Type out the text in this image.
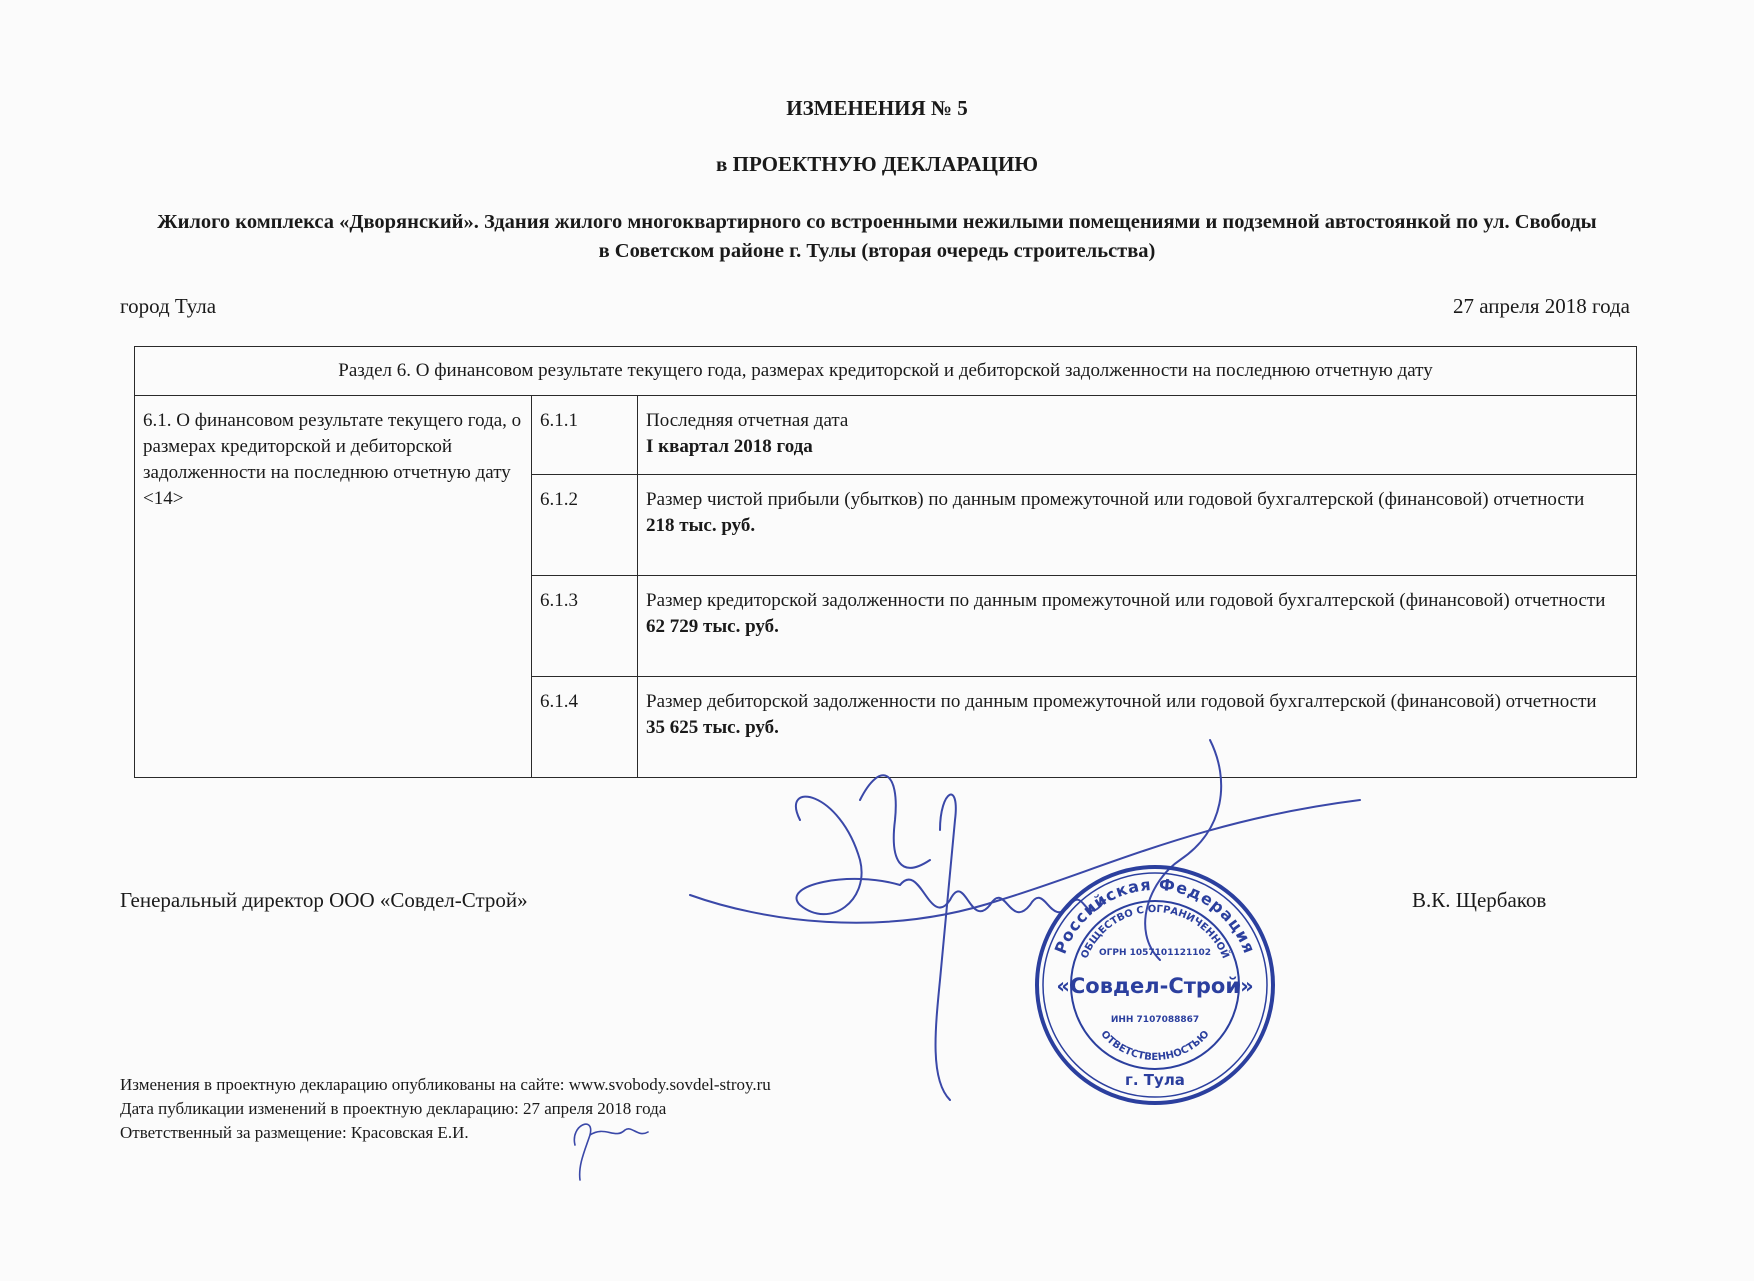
ИЗМЕНЕНИЯ № 5
в ПРОЕКТНУЮ ДЕКЛАРАЦИЮ
Жилого комплекса «Дворянский». Здания жилого многоквартирного со встроенными нежилыми помещениями и подземной автостоянкой по ул. Свободы в Советском районе г. Тулы (вторая очередь строительства)
город Тула	27 апреля 2018 года
Раздел 6. О финансовом результате текущего года, размерах кредиторской и дебиторской задолженности на последнюю отчетную дату		
6.1. О финансовом результате текущего года, о размерах кредиторской и дебиторской задолженности на последнюю отчетную дату <14>	6.1.1	Последняя отчетная дата
I квартал 2018 года

	6.1.2	Размер чистой прибыли (убытков) по данным промежуточной или годовой бухгалтерской (финансовой) отчетности
218 тыс. руб.

	6.1.3	Размер кредиторской задолженности по данным промежуточной или годовой бухгалтерской (финансовой) отчетности
62 729 тыс. руб.

	6.1.4	Размер дебиторской задолженности по данным промежуточной или годовой бухгалтерской (финансовой) отчетности
35 625 тыс. руб.
Генеральный директор ООО «Совдел-Строй»	В.К. Щербаков
Российская Федерация
ОБЩЕСТВО С ОГРАНИЧЕННОЙ
ОГРН 1057101121102
«Совдел-Строй»
ИНН 7107088867
ОТВЕТСТВЕННОСТЬЮ
г. Тула
Изменения в проектную декларацию опубликованы на сайте: www.svobody.sovdel-stroy.ru
Дата публикации изменений в проектную декларацию: 27 апреля 2018 года
Ответственный за размещение: Красовская Е.И.
